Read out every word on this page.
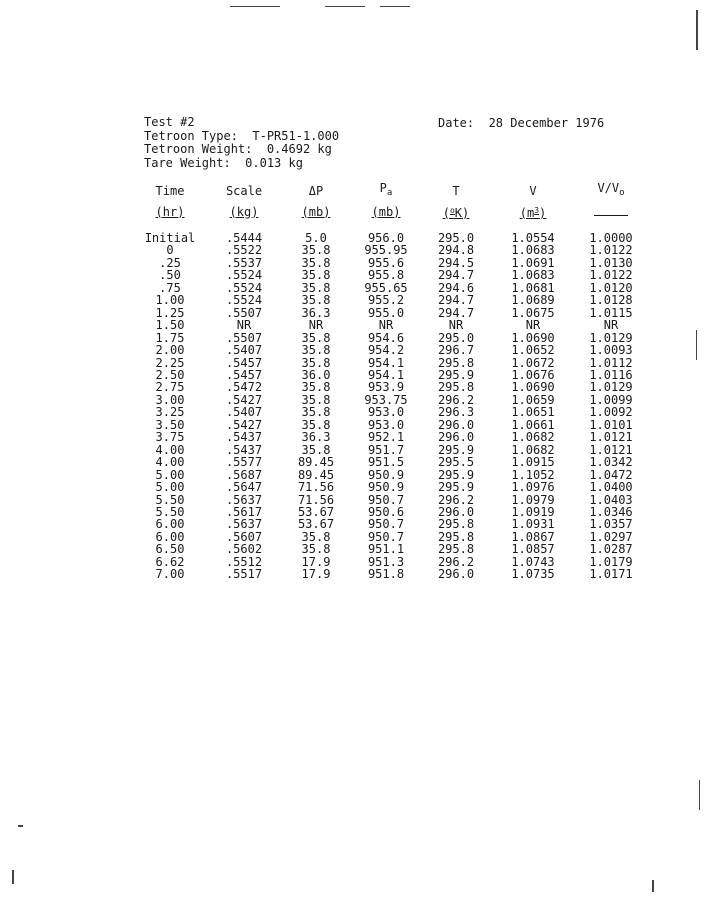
Test #2
Tetroon Type:  T-PR51-1.000
Tetroon Weight:  0.4692 kg
Tare Weight:  0.013 kg
Date:  28 December 1976
Time	Scale	ΔP	$P_a$	T	V	$V/V_o$
(hr)	(kg)	(mb)	(mb)	($^o$K)	$(m^3)$	
Initial	.5444	5.0	956.0	295.0	1.0554	1.0000
0	.5522	35.8	955.95	294.8	1.0683	1.0122
.25	.5537	35.8	955.6	294.5	1.0691	1.0130
.50	.5524	35.8	955.8	294.7	1.0683	1.0122
.75	.5524	35.8	955.65	294.6	1.0681	1.0120
1.00	.5524	35.8	955.2	294.7	1.0689	1.0128
1.25	.5507	36.3	955.0	294.7	1.0675	1.0115
1.50	NR	NR	NR	NR	NR	NR
1.75	.5507	35.8	954.6	295.0	1.0690	1.0129
2.00	.5407	35.8	954.2	296.7	1.0652	1.0093
2.25	.5457	35.8	954.1	295.8	1.0672	1.0112
2.50	.5457	36.0	954.1	295.9	1.0676	1.0116
2.75	.5472	35.8	953.9	295.8	1.0690	1.0129
3.00	.5427	35.8	953.75	296.2	1.0659	1.0099
3.25	.5407	35.8	953.0	296.3	1.0651	1.0092
3.50	.5427	35.8	953.0	296.0	1.0661	1.0101
3.75	.5437	36.3	952.1	296.0	1.0682	1.0121
4.00	.5437	35.8	951.7	295.9	1.0682	1.0121
4.00	.5577	89.45	951.5	295.5	1.0915	1.0342
5.00	.5687	89.45	950.9	295.9	1.1052	1.0472
5.00	.5647	71.56	950.9	295.9	1.0976	1.0400
5.50	.5637	71.56	950.7	296.2	1.0979	1.0403
5.50	.5617	53.67	950.6	296.0	1.0919	1.0346
6.00	.5637	53.67	950.7	295.8	1.0931	1.0357
6.00	.5607	35.8	950.7	295.8	1.0867	1.0297
6.50	.5602	35.8	951.1	295.8	1.0857	1.0287
6.62	.5512	17.9	951.3	296.2	1.0743	1.0179
7.00	.5517	17.9	951.8	296.0	1.0735	1.0171
